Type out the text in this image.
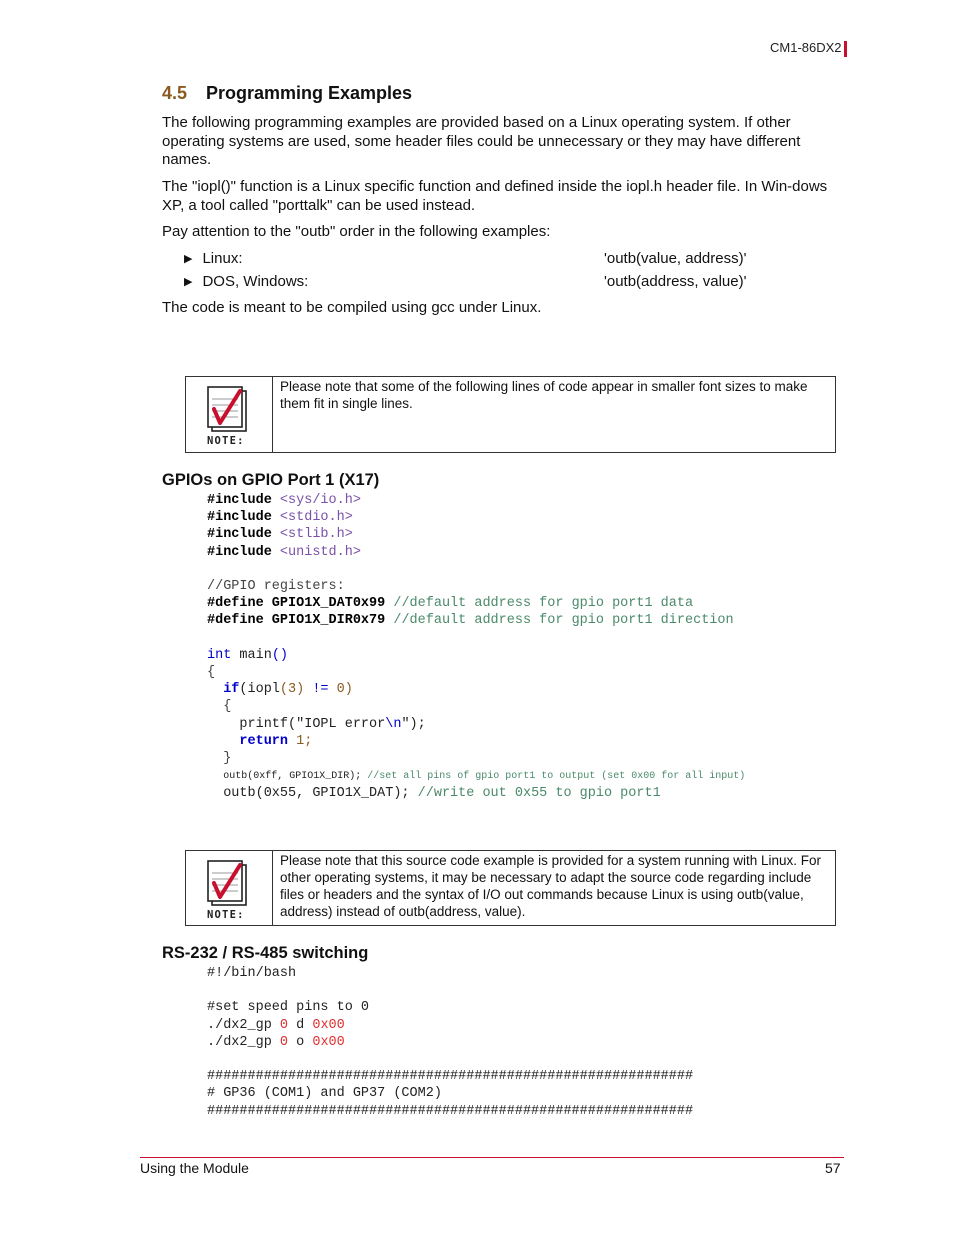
CM1-86DX2
4.5 Programming Examples
The following programming examples are provided based on a Linux operating system. If other operating systems are used, some header files could be unnecessary or they may have different names.
The "iopl()" function is a Linux specific function and defined inside the iopl.h header file. In Win-dows XP, a tool called "porttalk" can be used instead.
Pay attention to the "outb" order in the following examples:
▶ Linux:	'outb(value, address)'
▶ DOS, Windows:	'outb(address, value)'
The code is meant to be compiled using gcc under Linux.
NOTE:
Please note that some of the following lines of code appear in smaller font sizes to make them fit in single lines.
GPIOs on GPIO Port 1 (X17)
#include <sys/io.h>
#include <stdio.h>
#include <stlib.h>
#include <unistd.h>

//GPIO registers:
#define GPIO1X_DAT0x99 //default address for gpio port1 data
#define GPIO1X_DIR0x79 //default address for gpio port1 direction

int main()
{
if(iopl(3) != 0)
{
printf("IOPL error\n");
return 1;
}
outb(0xff, GPIO1X_DIR); //set all pins of gpio port1 to output (set 0x00 for all input)
outb(0x55, GPIO1X_DAT); //write out 0x55 to gpio port1
NOTE:
Please note that this source code example is provided for a system running with Linux. For other operating systems, it may be necessary to adapt the source code regarding include files or headers and the syntax of I/O out commands because Linux is using outb(value, address) instead of outb(address, value).
RS-232 / RS-485 switching
#!/bin/bash

#set speed pins to 0
./dx2_gp 0 d 0x00
./dx2_gp 0 o 0x00

############################################################
# GP36 (COM1) and GP37 (COM2)
############################################################
Using the Module	57
